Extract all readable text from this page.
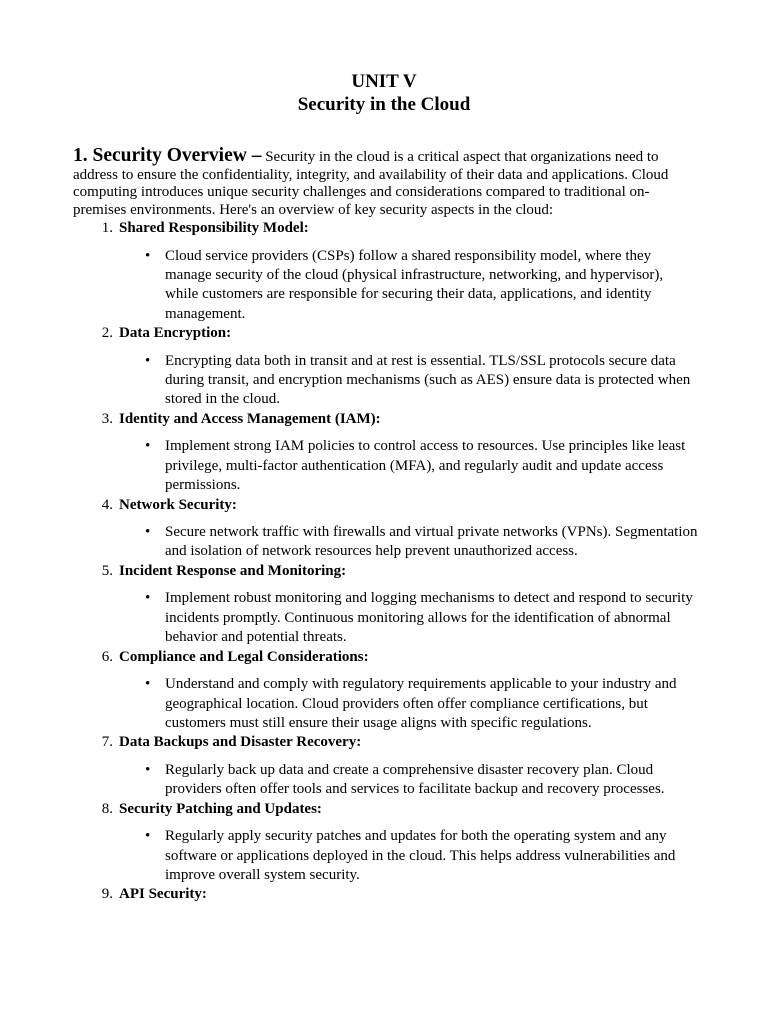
UNIT V
Security in the Cloud
1. Security Overview – Security in the cloud is a critical aspect that organizations need to address to ensure the confidentiality, integrity, and availability of their data and applications. Cloud computing introduces unique security challenges and considerations compared to traditional on-premises environments. Here's an overview of key security aspects in the cloud:
1. Shared Responsibility Model:
• Cloud service providers (CSPs) follow a shared responsibility model, where they manage security of the cloud (physical infrastructure, networking, and hypervisor), while customers are responsible for securing their data, applications, and identity management.
2. Data Encryption:
• Encrypting data both in transit and at rest is essential. TLS/SSL protocols secure data during transit, and encryption mechanisms (such as AES) ensure data is protected when stored in the cloud.
3. Identity and Access Management (IAM):
• Implement strong IAM policies to control access to resources. Use principles like least privilege, multi-factor authentication (MFA), and regularly audit and update access permissions.
4. Network Security:
• Secure network traffic with firewalls and virtual private networks (VPNs). Segmentation and isolation of network resources help prevent unauthorized access.
5. Incident Response and Monitoring:
• Implement robust monitoring and logging mechanisms to detect and respond to security incidents promptly. Continuous monitoring allows for the identification of abnormal behavior and potential threats.
6. Compliance and Legal Considerations:
• Understand and comply with regulatory requirements applicable to your industry and geographical location. Cloud providers often offer compliance certifications, but customers must still ensure their usage aligns with specific regulations.
7. Data Backups and Disaster Recovery:
• Regularly back up data and create a comprehensive disaster recovery plan. Cloud providers often offer tools and services to facilitate backup and recovery processes.
8. Security Patching and Updates:
• Regularly apply security patches and updates for both the operating system and any software or applications deployed in the cloud. This helps address vulnerabilities and improve overall system security.
9. API Security:
